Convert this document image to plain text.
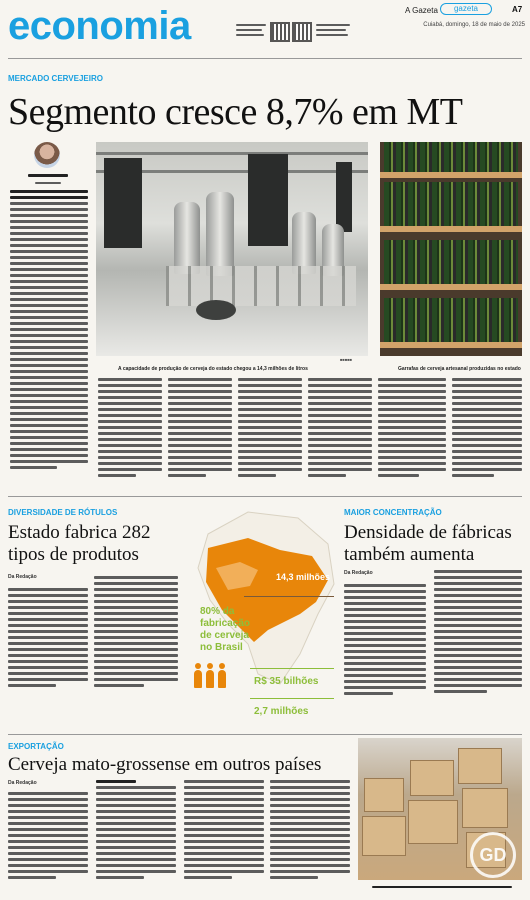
economia	A Gazeta	gazeta	A7
Cuiabá, domingo, 18 de maio de 2025
MERCADO CERVEJEIRO
Segmento cresce 8,7% em MT
■■■■■
A capacidade de produção de cerveja do estado chegou a 14,3 milhões de litros	Garrafas de cerveja artesanal produzidas no estado
DIVERSIDADE DE RÓTULOS
Estado fabrica 282
tipos de produtos
Da Redação	14,3 milhões
80% da
fabricação
de cerveja
no Brasil
R$ 35 bilhões
2,7 milhões
MAIOR CONCENTRAÇÃO
Densidade de fábricas
também aumenta
Da Redação
EXPORTAÇÃO
Cerveja mato-grossense em outros países
Da Redação
GD
